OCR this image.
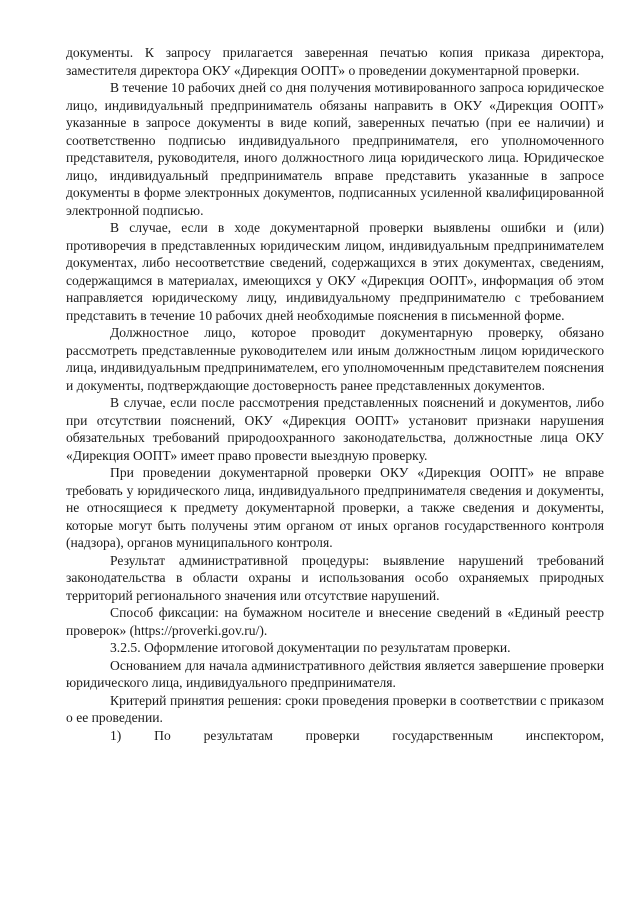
документы. К запросу прилагается заверенная печатью копия приказа директора, заместителя директора ОКУ «Дирекция ООПТ» о проведении документарной проверки.

В течение 10 рабочих дней со дня получения мотивированного запроса юридическое лицо, индивидуальный предприниматель обязаны направить в ОКУ «Дирекция ООПТ» указанные в запросе документы в виде копий, заверенных печатью (при ее наличии) и соответственно подписью индивидуального предпринимателя, его уполномоченного представителя, руководителя, иного должностного лица юридического лица. Юридическое лицо, индивидуальный предприниматель вправе представить указанные в запросе документы в форме электронных документов, подписанных усиленной квалифицированной электронной подписью.

В случае, если в ходе документарной проверки выявлены ошибки и (или) противоречия в представленных юридическим лицом, индивидуальным предпринимателем документах, либо несоответствие сведений, содержащихся в этих документах, сведениям, содержащимся в материалах, имеющихся у ОКУ «Дирекция ООПТ», информация об этом направляется юридическому лицу, индивидуальному предпринимателю с требованием представить в течение 10 рабочих дней необходимые пояснения в письменной форме.

Должностное лицо, которое проводит документарную проверку, обязано рассмотреть представленные руководителем или иным должностным лицом юридического лица, индивидуальным предпринимателем, его уполномоченным представителем пояснения и документы, подтверждающие достоверность ранее представленных документов.

В случае, если после рассмотрения представленных пояснений и документов, либо при отсутствии пояснений, ОКУ «Дирекция ООПТ» установит признаки нарушения обязательных требований природоохранного законодательства, должностные лица ОКУ «Дирекция ООПТ» имеет право провести выездную проверку.

При проведении документарной проверки ОКУ «Дирекция ООПТ» не вправе требовать у юридического лица, индивидуального предпринимателя сведения и документы, не относящиеся к предмету документарной проверки, а также сведения и документы, которые могут быть получены этим органом от иных органов государственного контроля (надзора), органов муниципального контроля.

Результат административной процедуры: выявление нарушений требований законодательства в области охраны и использования особо охраняемых природных территорий регионального значения или отсутствие нарушений.

Способ фиксации: на бумажном носителе и внесение сведений в «Единый реестр проверок» (https://proverki.gov.ru/).

3.2.5. Оформление итоговой документации по результатам проверки.

Основанием для начала административного действия является завершение проверки юридического лица, индивидуального предпринимателя.

Критерий принятия решения: сроки проведения проверки в соответствии с приказом о ее проведении.

1) По результатам проверки государственным инспектором,
